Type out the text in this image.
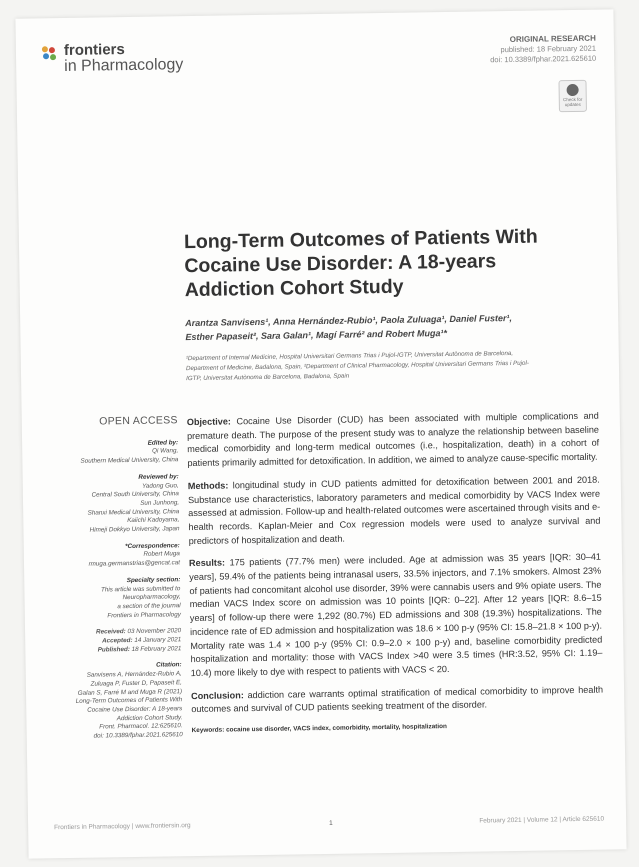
frontiers
in Pharmacology
ORIGINAL RESEARCH
published: 18 February 2021
doi: 10.3389/fphar.2021.625610
Check for updates
Long-Term Outcomes of Patients With Cocaine Use Disorder: A 18-years Addiction Cohort Study
Arantza Sanvisens¹, Anna Hernández-Rubio¹, Paola Zuluaga¹, Daniel Fuster¹,
Esther Papaseit², Sara Galan¹, Magí Farré² and Robert Muga¹*
¹Department of Internal Medicine, Hospital Universitari Germans Trias i Pujol-IGTP, Universitat Autònoma de Barcelona,
Department of Medicine, Badalona, Spain, ²Department of Clinical Pharmacology, Hospital Universitari Germans Trias i Pujol-
IGTP, Universitat Autònoma de Barcelona, Badalona, Spain
OPEN ACCESS
Edited by:
Qi Wang,
Southern Medical University, China
Reviewed by:
Yadong Guo,
Central South University, China
Sun Junhong,
Shanxi Medical University, China
Kaiichi Kadoyama,
Himeji Dokkyo University, Japan
*Correspondence:
Robert Muga
rmuga.germanstrias@gencat.cat
Specialty section:
This article was submitted to
Neuropharmacology,
a section of the journal
Frontiers in Pharmacology
Received: 03 November 2020
Accepted: 14 January 2021
Published: 18 February 2021
Citation:
Sanvisens A, Hernández-Rubio A,
Zuluaga P, Fuster D, Papaseit E,
Galan S, Farré M and Muga R (2021)
Long-Term Outcomes of Patients With
Cocaine Use Disorder: A 18-years
Addiction Cohort Study.
Front. Pharmacol. 12:625610.
doi: 10.3389/fphar.2021.625610

Objective: Cocaine Use Disorder (CUD) has been associated with multiple complications and premature death. The purpose of the present study was to analyze the relationship between baseline medical comorbidity and long-term medical outcomes (i.e., hospitalization, death) in a cohort of patients primarily admitted for detoxification. In addition, we aimed to analyze cause-specific mortality.

Methods: longitudinal study in CUD patients admitted for detoxification between 2001 and 2018. Substance use characteristics, laboratory parameters and medical comorbidity by VACS Index were assessed at admission. Follow-up and health-related outcomes were ascertained through visits and e-health records. Kaplan-Meier and Cox regression models were used to analyze survival and predictors of hospitalization and death.

Results: 175 patients (77.7% men) were included. Age at admission was 35 years [IQR: 30–41 years], 59.4% of the patients being intranasal users, 33.5% injectors, and 7.1% smokers. Almost 23% of patients had concomitant alcohol use disorder, 39% were cannabis users and 9% opiate users. The median VACS Index score on admission was 10 points [IQR: 0–22]. After 12 years [IQR: 8.6–15 years] of follow-up there were 1,292 (80.7%) ED admissions and 308 (19.3%) hospitalizations. The incidence rate of ED admission and hospitalization was 18.6 × 100 p-y (95% CI: 15.8–21.8 × 100 p-y). Mortality rate was 1.4 × 100 p-y (95% CI: 0.9–2.0 × 100 p-y) and, baseline comorbidity predicted hospitalization and mortality: those with VACS Index >40 were 3.5 times (HR:3.52, 95% CI: 1.19–10.4) more likely to dye with respect to patients with VACS < 20.

Conclusion: addiction care warrants optimal stratification of medical comorbidity to improve health outcomes and survival of CUD patients seeking treatment of the disorder.

Keywords: cocaine use disorder, VACS index, comorbidity, mortality, hospitalization
Frontiers in Pharmacology | www.frontiersin.org	1	February 2021 | Volume 12 | Article 625610
